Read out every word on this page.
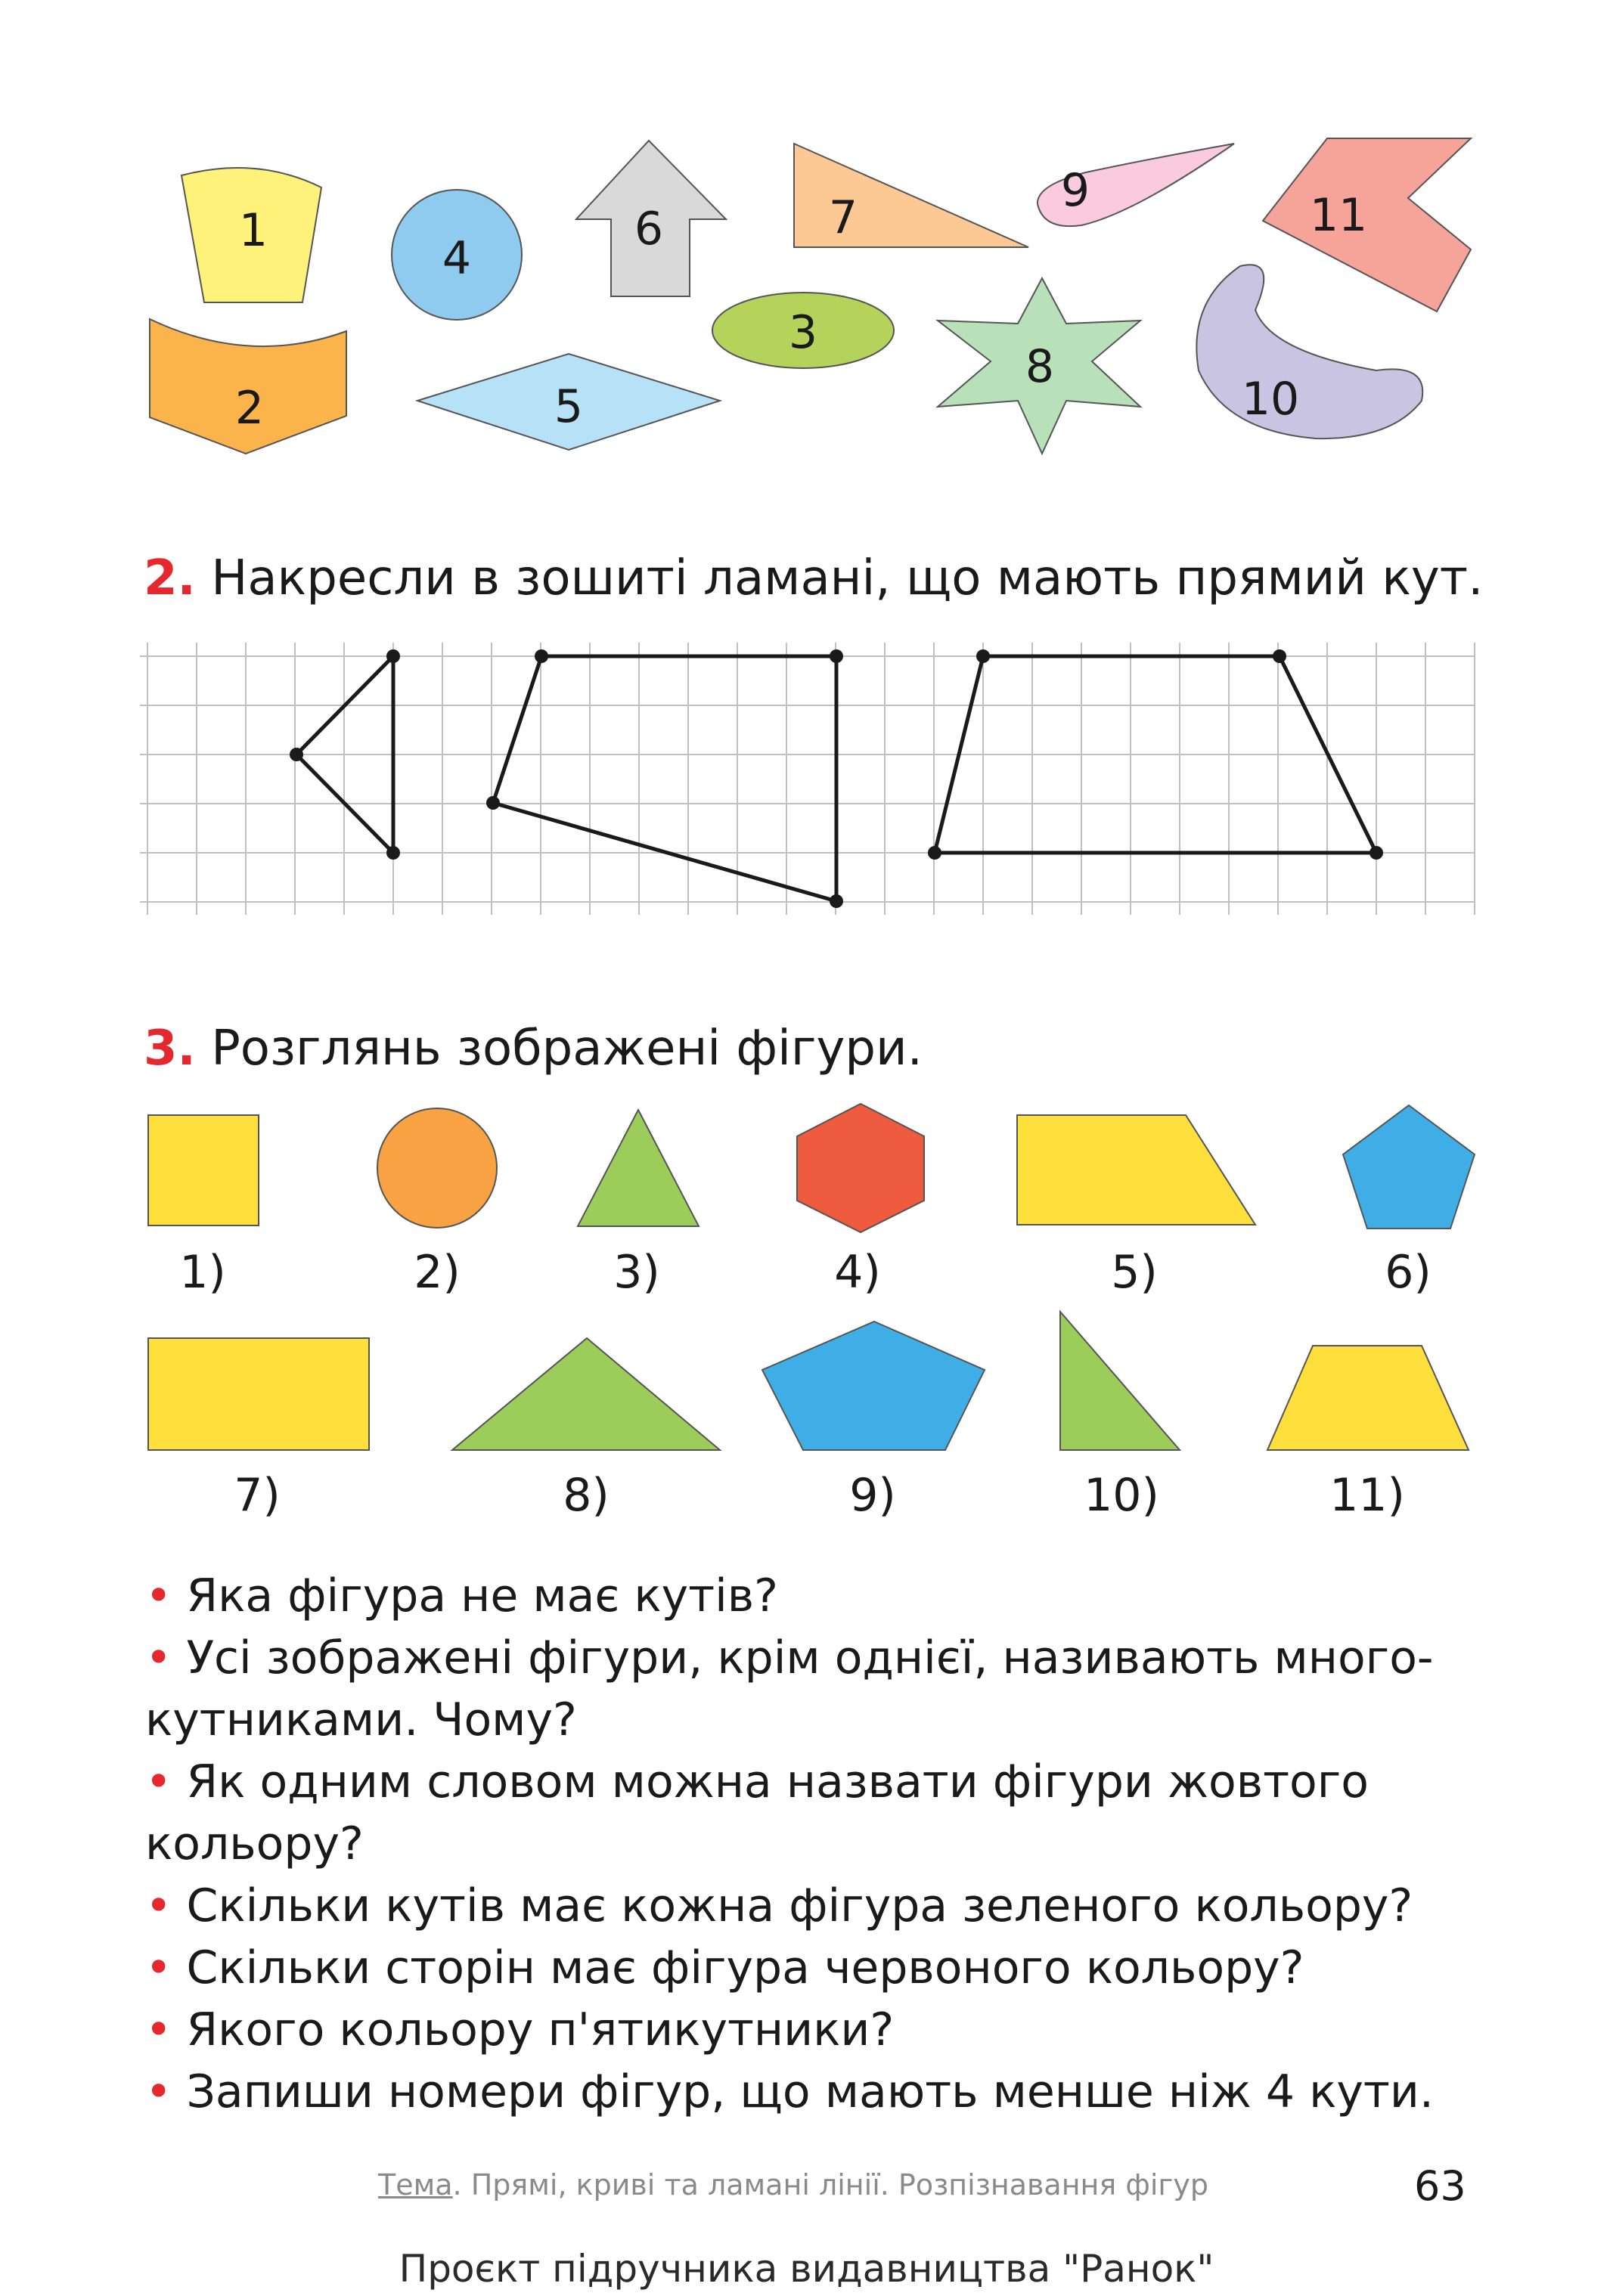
1
2
4
5
6
3
7
9
8
11
10
1)	2)	3)	4)	5)	6)
7)	8)	9)	10)	11)
2. Накресли в зошиті ламані, що мають прямий кут.
3. Розглянь зображені фігури.
• Яка фігура не має кутів?
• Усі зображені фігури, крім однієї, називають многокутниками. Чому?
• Як одним словом можна назвати фігури жовтого кольору?
• Скільки кутів має кожна фігура зеленого кольору?
• Скільки сторін має фігура червоного кольору?
• Якого кольору п'ятикутники?
• Запиши номери фігур, що мають менше ніж 4 кути.
Тема. Прямі, криві та ламані лінії. Розпізнавання фігур	63
Проєкт підручника видавництва "Ранок"
